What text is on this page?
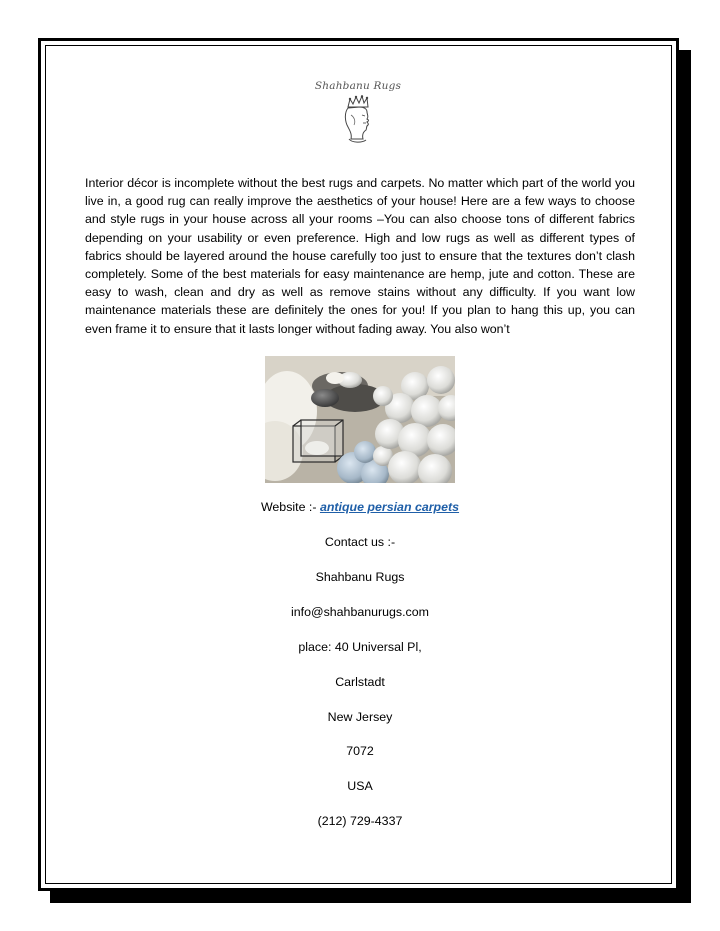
Shahbanu Rugs

Interior décor is incomplete without the best rugs and carpets. No matter which part of the world you live in, a good rug can really improve the aesthetics of your house! Here are a few ways to choose and style rugs in your house across all your rooms –You can also choose tons of different fabrics depending on your usability or even preference. High and low rugs as well as different types of fabrics should be layered around the house carefully too just to ensure that the textures don’t clash completely. Some of the best materials for easy maintenance are hemp, jute and cotton. These are easy to wash, clean and dry as well as remove stains without any difficulty. If you want low maintenance materials these are definitely the ones for you! If you plan to hang this up, you can even frame it to ensure that it lasts longer without fading away. You also won’t

Website :- antique persian carpets

Contact us :-

Shahbanu Rugs

info@shahbanurugs.com

place: 40 Universal Pl,

Carlstadt

New Jersey

7072

USA

(212) 729-4337
